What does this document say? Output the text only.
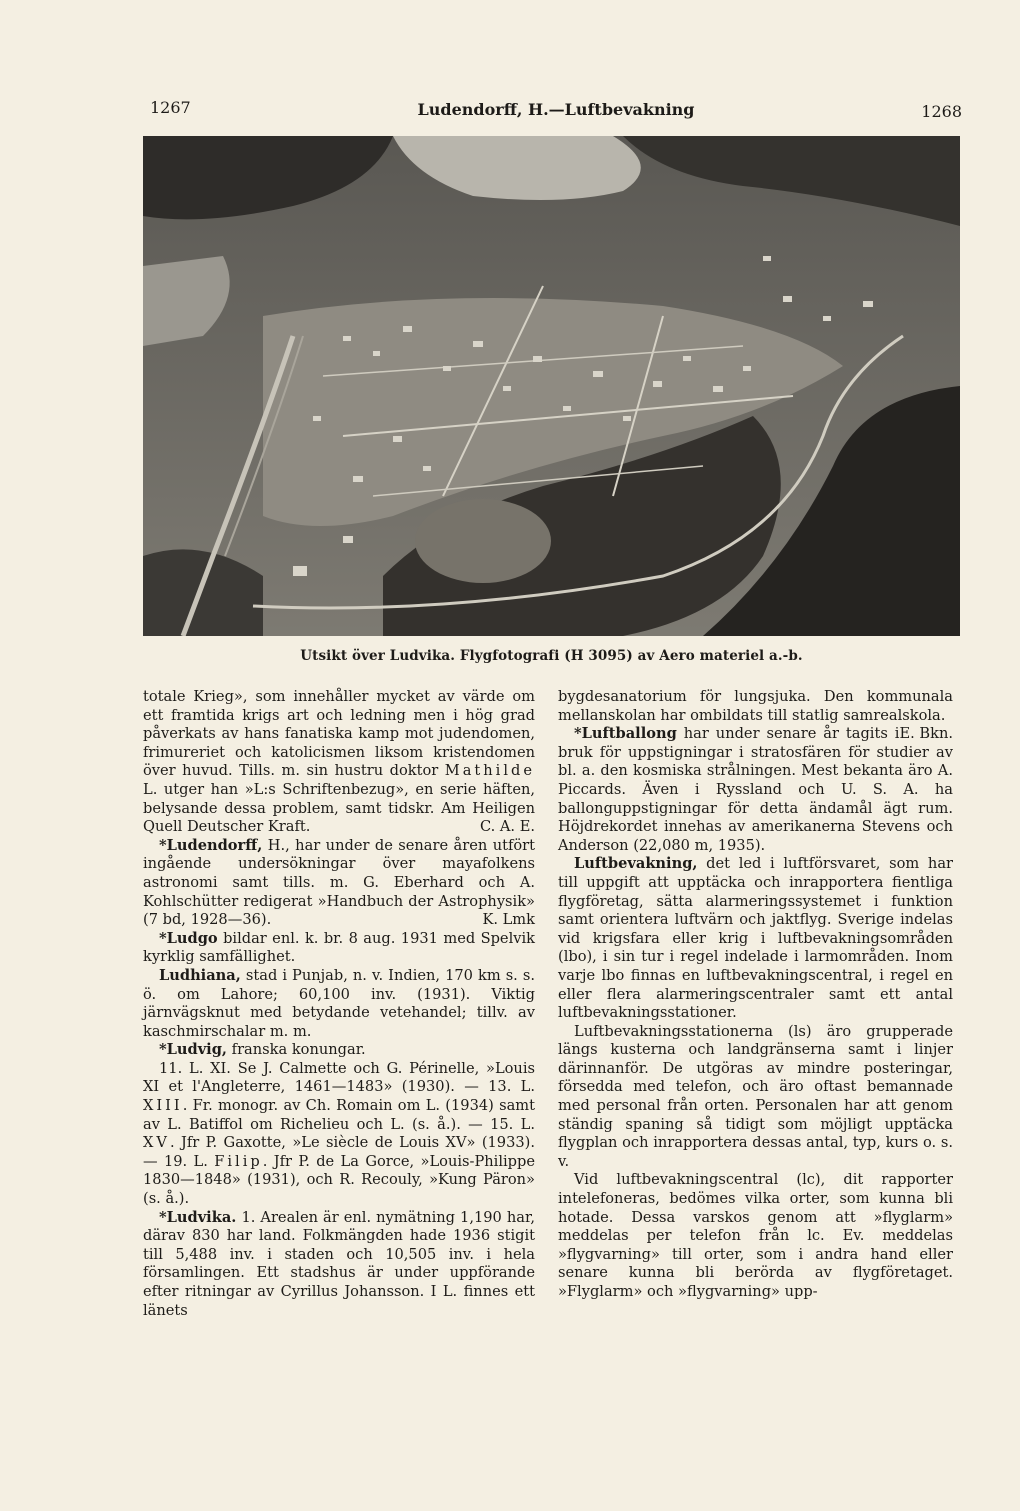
1267	Ludendorff, H.—Luftbevakning	1268
Utsikt över Ludvika. Flygfotografi (H 3095) av Aero materiel a.-b.

totale Krieg», som innehåller mycket av värde om ett framtida krigs art och ledning men i hög grad påverkats av hans fanatiska kamp mot judendomen, frimureriet och katolicismen liksom kristendomen över huvud. Tills. m. sin hustru doktor Mathilde L. utger han »L:s Schriftenbezug», en serie häften, belysande dessa problem, samt tidskr. Am Heiligen Quell Deutscher Kraft.	C. A. E.

*Ludendorff, H., har under de senare åren utfört ingående undersökningar över mayafolkens astronomi samt tills. m. G. Eberhard och A. Kohlschütter redigerat »Handbuch der Astrophysik» (7 bd, 1928—36).	K. Lmk

*Ludgo bildar enl. k. br. 8 aug. 1931 med Spelvik kyrklig samfällighet.

Ludhiana, stad i Punjab, n. v. Indien, 170 km s. s. ö. om Lahore; 60,100 inv. (1931). Viktig järnvägsknut med betydande vetehandel; tillv. av kaschmirschalar m. m.

*Ludvig, franska konungar.

11. L. XI. Se J. Calmette och G. Périnelle, »Louis XI et l'Angleterre, 1461—1483» (1930). — 13. L. XIII. Fr. monogr. av Ch. Romain om L. (1934) samt av L. Batiffol om Richelieu och L. (s. å.). — 15. L. XV. Jfr P. Gaxotte, »Le siècle de Louis XV» (1933). — 19. L. Filip. Jfr P. de La Gorce, »Louis-Philippe 1830—1848» (1931), och R. Recouly, »Kung Päron» (s. å.).

*Ludvika. 1. Arealen är enl. nymätning 1,190 har, därav 830 har land. Folkmängden hade 1936 stigit till 5,488 inv. i staden och 10,505 inv. i hela församlingen. Ett stadshus är under uppförande efter ritningar av Cyrillus Johansson. I L. finnes ett länets

bygdesanatorium för lungsjuka. Den kommunala mellanskolan har ombildats till statlig samrealskola.
E. Bkn.

*Luftballong har under senare år tagits i bruk för uppstigningar i stratosfären för studier av bl. a. den kosmiska strålningen. Mest bekanta äro A. Piccards. Även i Ryssland och U. S. A. ha ballonguppstigningar för detta ändamål ägt rum. Höjdrekordet innehas av amerikanerna Stevens och Anderson (22,080 m, 1935).

Luftbevakning, det led i luftförsvaret, som har till uppgift att upptäcka och inrapportera fientliga flygföretag, sätta alarmeringssystemet i funktion samt orientera luftvärn och jaktflyg. Sverige indelas vid krigsfara eller krig i luftbevakningsområden (lbo), i sin tur i regel indelade i larmområden. Inom varje lbo finnas en luftbevakningscentral, i regel en eller flera alarmeringscentraler samt ett antal luftbevakningsstationer.

Luftbevakningsstationerna (ls) äro grupperade längs kusterna och landgränserna samt i linjer därinnanför. De utgöras av mindre posteringar, försedda med telefon, och äro oftast bemannade med personal från orten. Personalen har att genom ständig spaning så tidigt som möjligt upptäcka flygplan och inrapportera dessas antal, typ, kurs o. s. v.

Vid luftbevakningscentral (lc), dit rapporter intelefoneras, bedömes vilka orter, som kunna bli hotade. Dessa varskos genom att »flyglarm» meddelas per telefon från lc. Ev. meddelas »flygvarning» till orter, som i andra hand eller senare kunna bli berörda av flygföretaget. »Flyglarm» och »flygvarning» upp-
